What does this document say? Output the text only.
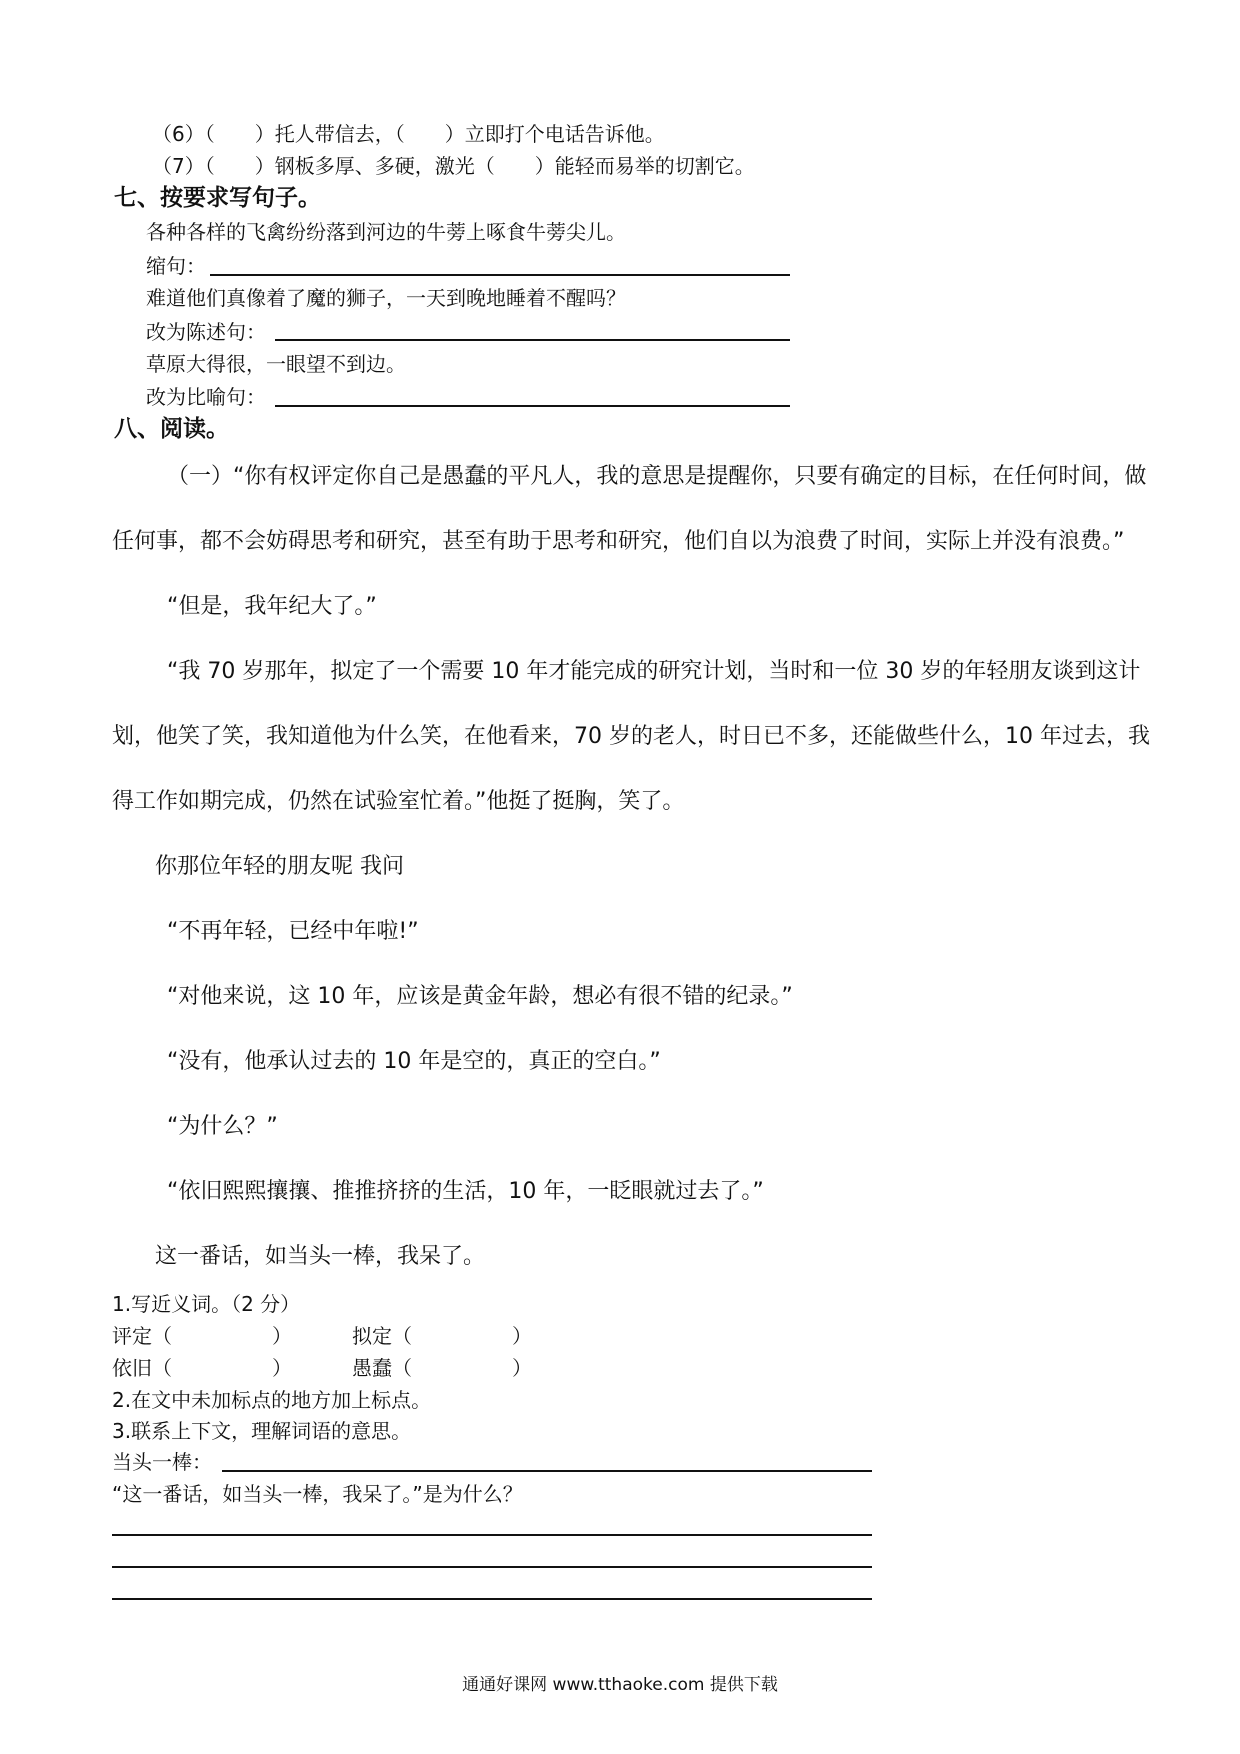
（6）（　　）托人带信去，（　　）立即打个电话告诉他。
（7）（　　）钢板多厚、多硬，激光（　　）能轻而易举的切割它。
七、按要求写句子。
各种各样的飞禽纷纷落到河边的牛蒡上啄食牛蒡尖儿。
缩句：
难道他们真像着了魔的狮子，一天到晚地睡着不醒吗？
改为陈述句：
草原大得很，一眼望不到边。
改为比喻句：
八、阅读。
（一）“你有权评定你自己是愚蠢的平凡人，我的意思是提醒你，只要有确定的目标，在任何时间，做
任何事，都不会妨碍思考和研究，甚至有助于思考和研究，他们自以为浪费了时间，实际上并没有浪费。”
“但是，我年纪大了。”
“我 70 岁那年，拟定了一个需要 10 年才能完成的研究计划，当时和一位 30 岁的年轻朋友谈到这计
划，他笑了笑，我知道他为什么笑，在他看来，70 岁的老人，时日已不多，还能做些什么，10 年过去，我
得工作如期完成，仍然在试验室忙着。”他挺了挺胸，笑了。
你那位年轻的朋友呢 我问
“不再年轻，已经中年啦!”
“对他来说，这 10 年，应该是黄金年龄，想必有很不错的纪录。”
“没有，他承认过去的 10 年是空的，真正的空白。”
“为什么？”
“依旧熙熙攘攘、推推挤挤的生活，10 年，一眨眼就过去了。”
这一番话，如当头一棒，我呆了。
1.写近义词。（2 分）
评定（　　　　　）	拟定（　　　　　）
依旧（　　　　　）	愚蠢（　　　　　）
2.在文中未加标点的地方加上标点。
3.联系上下文，理解词语的意思。
当头一棒：
“这一番话，如当头一棒，我呆了。”是为什么？
通通好课网 www.tthaoke.com 提供下载
